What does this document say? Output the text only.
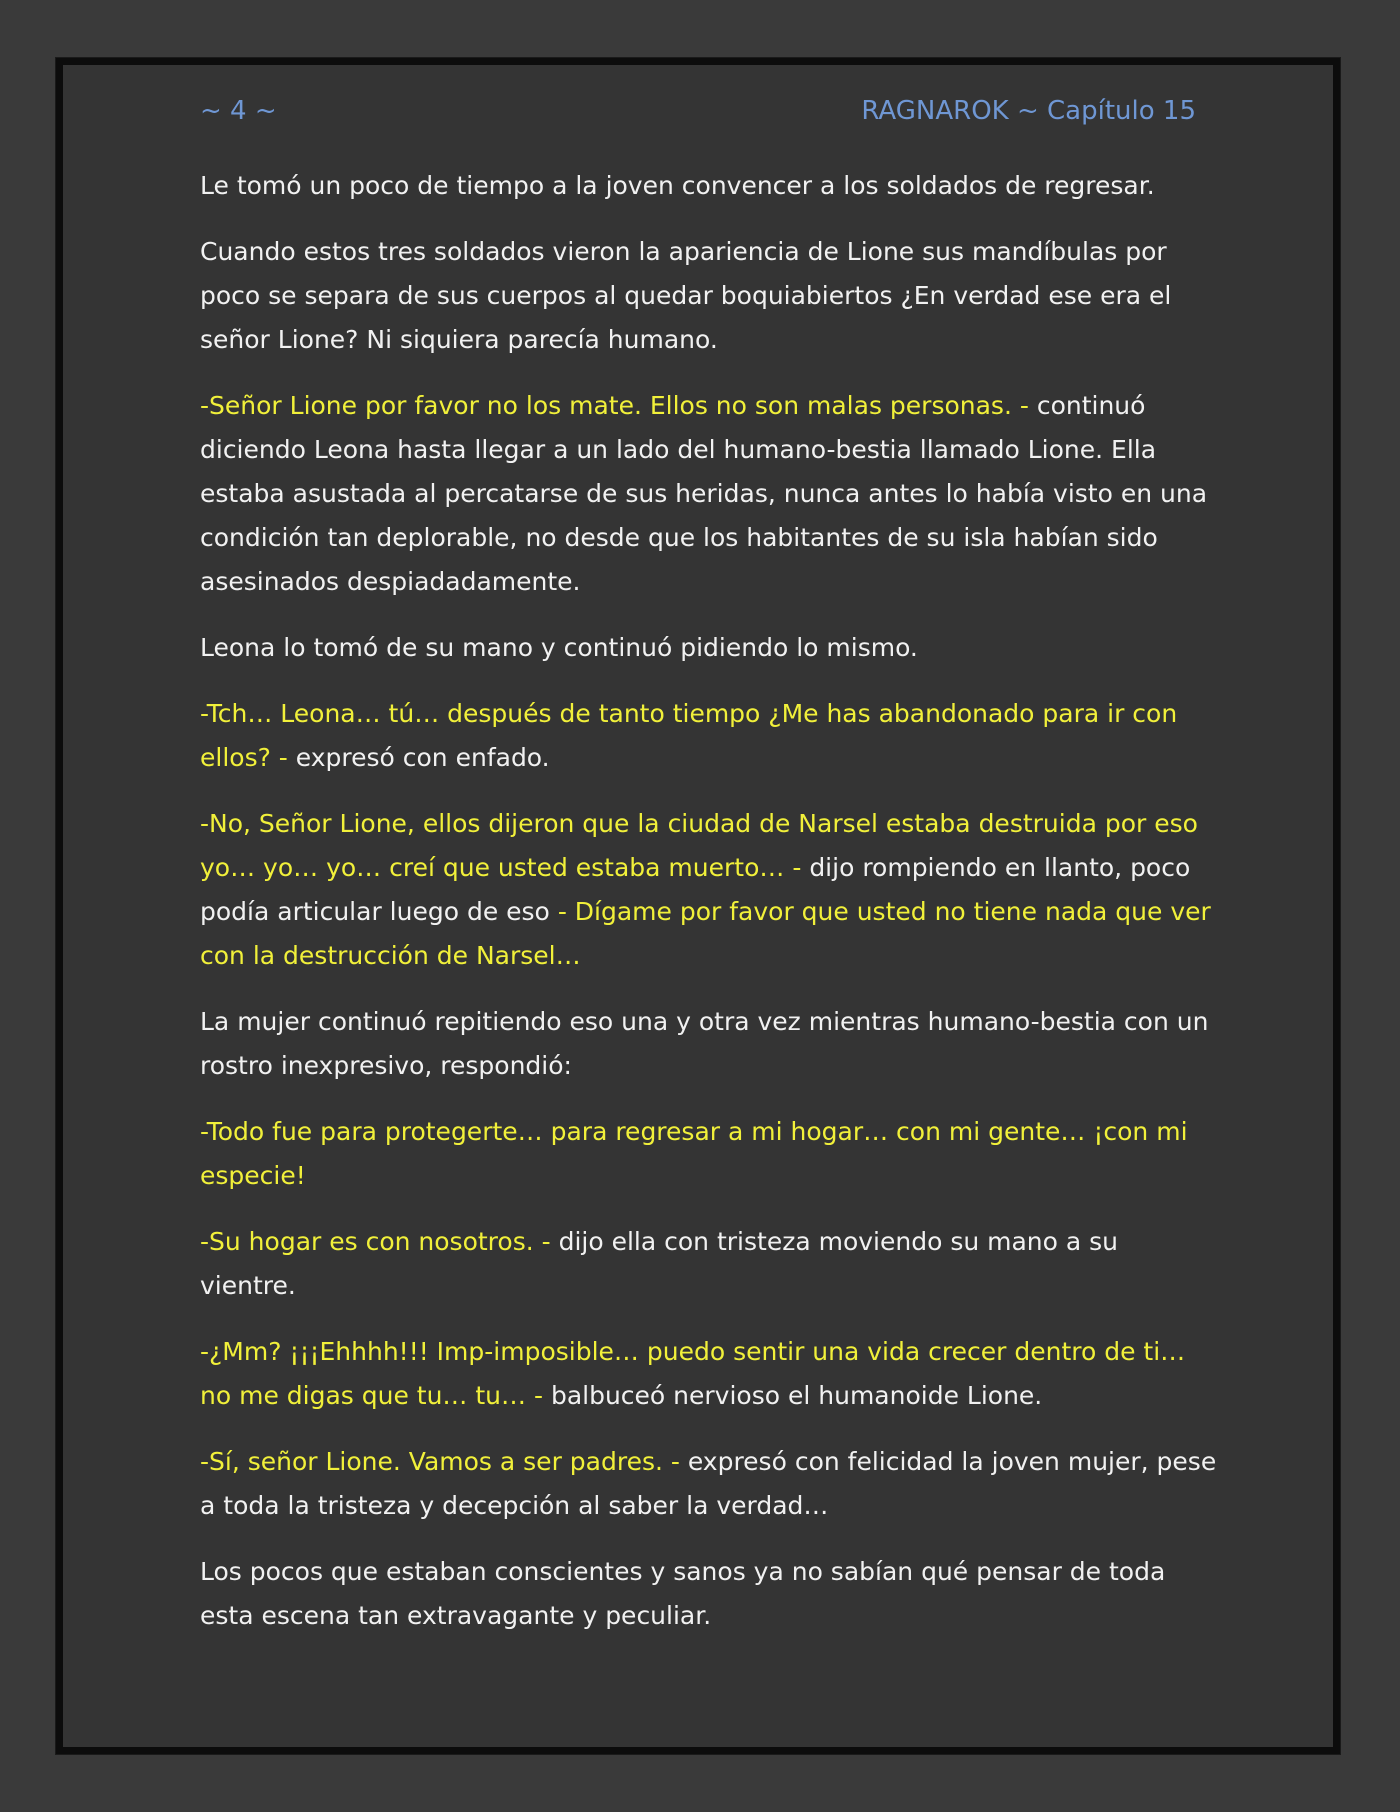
~ 4 ~	RAGNAROK ~ Capítulo 15

Le tomó un poco de tiempo a la joven convencer a los soldados de regresar.

Cuando estos tres soldados vieron la apariencia de Lione sus mandíbulas por poco se separa de sus cuerpos al quedar boquiabiertos ¿En verdad ese era el señor Lione? Ni siquiera parecía humano.

-Señor Lione por favor no los mate. Ellos no son malas personas. - continuó diciendo Leona hasta llegar a un lado del humano-bestia llamado Lione. Ella estaba asustada al percatarse de sus heridas, nunca antes lo había visto en una condición tan deplorable, no desde que los habitantes de su isla habían sido asesinados despiadadamente.

Leona lo tomó de su mano y continuó pidiendo lo mismo.

-Tch… Leona… tú… después de tanto tiempo ¿Me has abandonado para ir con ellos? - expresó con enfado.

-No, Señor Lione, ellos dijeron que la ciudad de Narsel estaba destruida por eso yo… yo… yo… creí que usted estaba muerto… - dijo rompiendo en llanto, poco podía articular luego de eso - Dígame por favor que usted no tiene nada que ver con la destrucción de Narsel…

La mujer continuó repitiendo eso una y otra vez mientras humano-bestia con un rostro inexpresivo, respondió:

-Todo fue para protegerte… para regresar a mi hogar… con mi gente… ¡con mi especie!

-Su hogar es con nosotros. - dijo ella con tristeza moviendo su mano a su vientre.

-¿Mm? ¡¡¡Ehhhh!!! Imp-imposible… puedo sentir una vida crecer dentro de ti… no me digas que tu… tu… - balbuceó nervioso el humanoide Lione.

-Sí, señor Lione. Vamos a ser padres. - expresó con felicidad la joven mujer, pese a toda la tristeza y decepción al saber la verdad…

Los pocos que estaban conscientes y sanos ya no sabían qué pensar de toda esta escena tan extravagante y peculiar.
